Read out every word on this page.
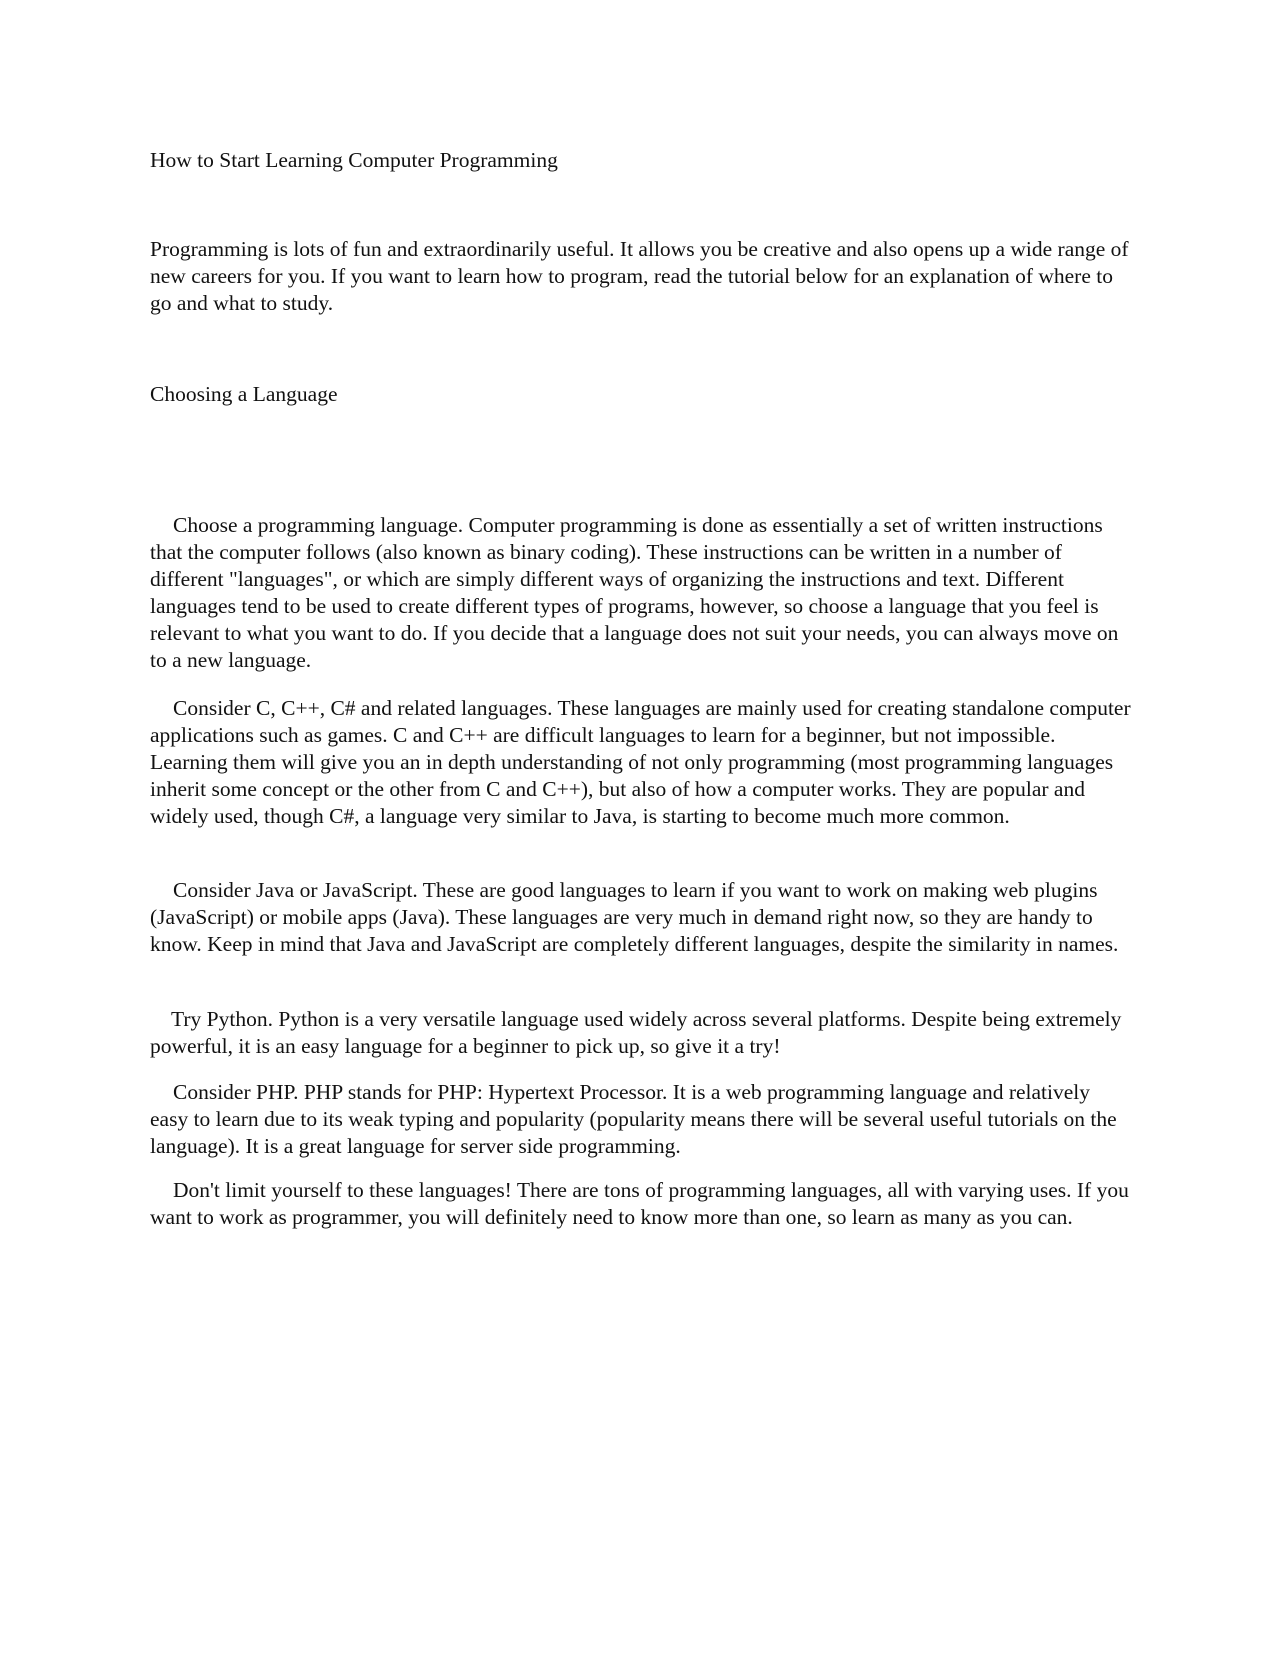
How to Start Learning Computer Programming

Programming is lots of fun and extraordinarily useful. It allows you be creative and also opens up a wide range of new careers for you. If you want to learn how to program, read the tutorial below for an explanation of where to go and what to study.

Choosing a Language

Choose a programming language. Computer programming is done as essentially a set of written instructions that the computer follows (also known as binary coding). These instructions can be written in a number of different "languages", or which are simply different ways of organizing the instructions and text. Different languages tend to be used to create different types of programs, however, so choose a language that you feel is relevant to what you want to do. If you decide that a language does not suit your needs, you can always move on to a new language.

Consider C, C++, C# and related languages. These languages are mainly used for creating standalone computer applications such as games. C and C++ are difficult languages to learn for a beginner, but not impossible. Learning them will give you an in depth understanding of not only programming (most programming languages inherit some concept or the other from C and C++), but also of how a computer works. They are popular and widely used, though C#, a language very similar to Java, is starting to become much more common.

Consider Java or JavaScript. These are good languages to learn if you want to work on making web plugins (JavaScript) or mobile apps (Java). These languages are very much in demand right now, so they are handy to know. Keep in mind that Java and JavaScript are completely different languages, despite the similarity in names.

Try Python. Python is a very versatile language used widely across several platforms. Despite being extremely powerful, it is an easy language for a beginner to pick up, so give it a try!

Consider PHP. PHP stands for PHP: Hypertext Processor. It is a web programming language and relatively easy to learn due to its weak typing and popularity (popularity means there will be several useful tutorials on the language). It is a great language for server side programming.

Don't limit yourself to these languages! There are tons of programming languages, all with varying uses. If you want to work as programmer, you will definitely need to know more than one, so learn as many as you can.
